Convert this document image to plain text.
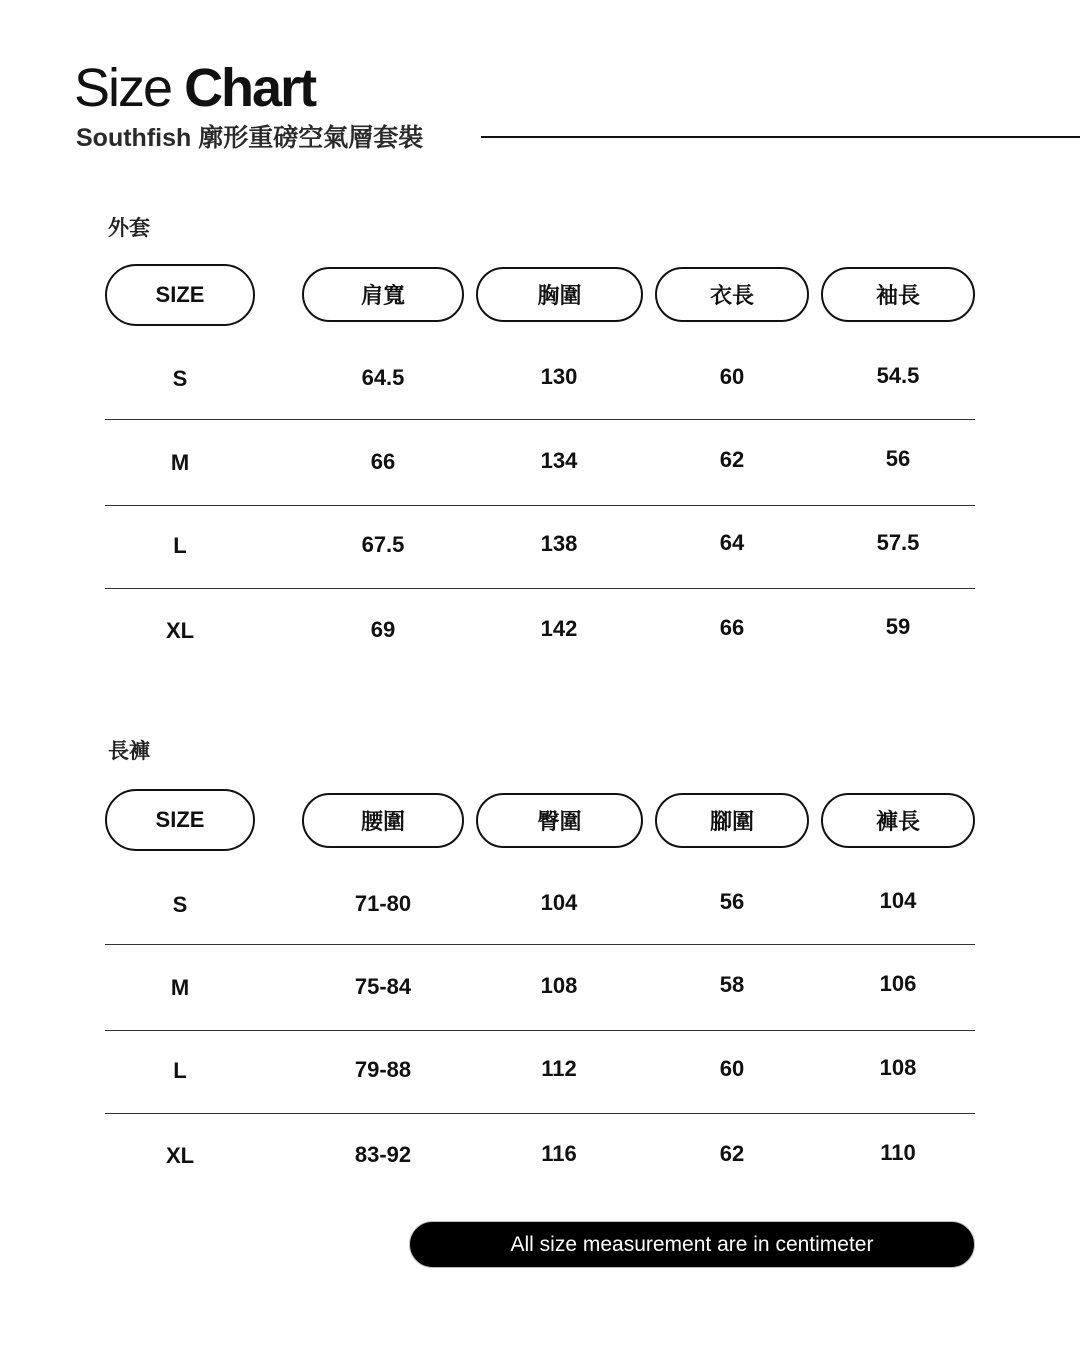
Size Chart
Southfish 廓形重磅空氣層套裝
外套
SIZE	肩寬	胸圍	衣長	袖長
S	64.5	130	60	54.5
M	66	134	62	56
L	67.5	138	64	57.5
XL	69	142	66	59
長褲
SIZE	腰圍	臀圍	腳圍	褲長
S	71-80	104	56	104
M	75-84	108	58	106
L	79-88	112	60	108
XL	83-92	116	62	110
All size measurement are in centimeter
